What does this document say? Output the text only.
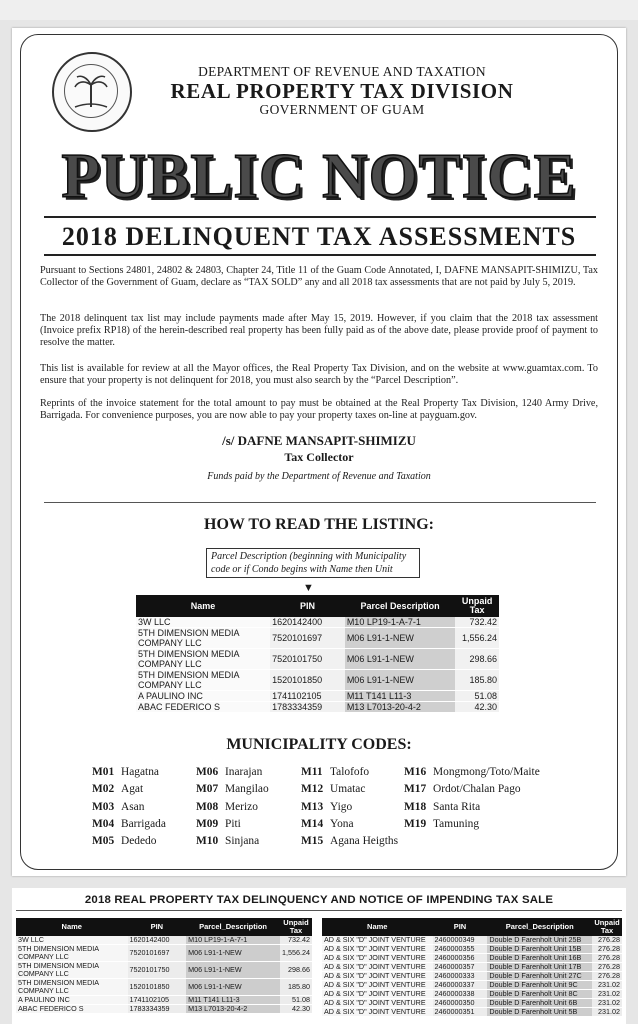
DEPARTMENT OF REVENUE AND TAXATION
REAL PROPERTY TAX DIVISION
GOVERNMENT OF GUAM
PUBLIC NOTICE
2018 DELINQUENT TAX ASSESSMENTS
Pursuant to Sections 24801, 24802 & 24803, Chapter 24, Title 11 of the Guam Code Annotated, I, DAFNE MANSAPIT-SHIMIZU, Tax Collector of the Government of Guam, declare as “TAX SOLD” any and all 2018 tax assessments that are not paid by July 5, 2019.
The 2018 delinquent tax list may include payments made after May 15, 2019. However, if you claim that the 2018 tax assessment (Invoice prefix RP18) of the herein-described real property has been fully paid as of the above date, please provide proof of payment to resolve the matter.
This list is available for review at all the Mayor offices, the Real Property Tax Division, and on the website at www.guamtax.com. To ensure that your property is not delinquent for 2018, you must also search by the “Parcel Description”.
Reprints of the invoice statement for the total amount to pay must be obtained at the Real Property Tax Division, 1240 Army Drive, Barrigada. For convenience purposes, you are now able to pay your property taxes on-line at payguam.gov.
/s/ DAFNE MANSAPIT-SHIMIZU
Tax Collector
Funds paid by the Department of Revenue and Taxation
HOW TO READ THE LISTING:
Parcel Description (beginning with Municipality code or if Condo begins with Name then Unit
▼
Name	PIN	Parcel Description	Unpaid Tax
3W LLC	1620142400	M10 LP19-1-A-7-1	732.42
5TH DIMENSION MEDIA COMPANY LLC	7520101697	M06 L91-1-NEW	1,556.24
5TH DIMENSION MEDIA COMPANY LLC	7520101750	M06 L91-1-NEW	298.66
5TH DIMENSION MEDIA COMPANY LLC	1520101850	M06 L91-1-NEW	185.80
A PAULINO INC	1741102105	M11 T141 L11-3	51.08
ABAC FEDERICO S	1783334359	M13 L7013-20-4-2	42.30
MUNICIPALITY CODES:
M01 Hagatna
M02 Agat
M03 Asan
M04 Barrigada
M05 Dededo
M06 Inarajan
M07 Mangilao
M08 Merizo
M09 Piti
M10 Sinjana
M11 Talofofo
M12 Umatac
M13 Yigo
M14 Yona
M15 Agana Heigths
M16 Mongmong/Toto/Maite
M17 Ordot/Chalan Pago
M18 Santa Rita
M19 Tamuning
2018 REAL PROPERTY TAX DELINQUENCY AND NOTICE OF IMPENDING TAX SALE
Name	PIN	Parcel_Description	Unpaid Tax
3W LLC	1620142400	M10 LP19-1-A-7-1	732.42
5TH DIMENSION MEDIA COMPANY LLC	7520101697	M06 L91-1-NEW	1,556.24
5TH DIMENSION MEDIA COMPANY LLC	7520101750	M06 L91-1-NEW	298.66
5TH DIMENSION MEDIA COMPANY LLC	1520101850	M06 L91-1-NEW	185.80
A PAULINO INC	1741102105	M11 T141 L11-3	51.08
ABAC FEDERICO S	1783334359	M13 L7013-20-4-2	42.30
Name	PIN	Parcel_Description	Unpaid Tax
AD & SIX "D" JOINT VENTURE	2460000349	Double D Farenholt Unit 25B	276.28
AD & SIX "D" JOINT VENTURE	2460000355	Double D Farenholt Unit 15B	276.28
AD & SIX "D" JOINT VENTURE	2460000356	Double D Farenholt Unit 16B	276.28
AD & SIX "D" JOINT VENTURE	2460000357	Double D Farenholt Unit 17B	276.28
AD & SIX "D" JOINT VENTURE	2460000333	Double D Farenholt Unit 27C	276.28
AD & SIX "D" JOINT VENTURE	2460000337	Double D Farenholt Unit 9C	231.02
AD & SIX "D" JOINT VENTURE	2460000338	Double D Farenholt Unit 8C	231.02
AD & SIX "D" JOINT VENTURE	2460000350	Double D Farenholt Unit 6B	231.02
AD & SIX "D" JOINT VENTURE	2460000351	Double D Farenholt Unit 5B	231.02
